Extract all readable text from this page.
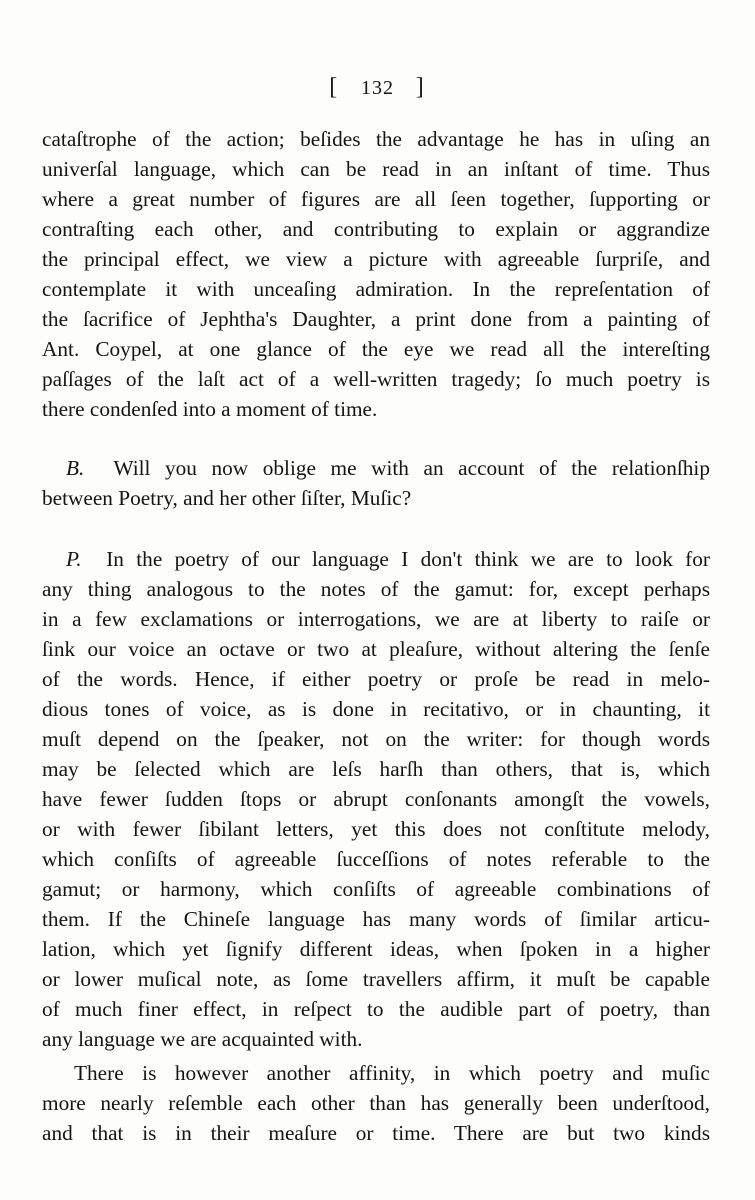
[ 132 ]
cataſtrophe of the action; beſides the advantage he has in uſing an
univerſal language, which can be read in an inſtant of time. Thus
where a great number of figures are all ſeen together, ſupporting or
contraſting each other, and contributing to explain or aggrandize
the principal effect, we view a picture with agreeable ſurpriſe, and
contemplate it with unceaſing admiration. In the repreſentation of
the ſacrifice of Jephtha's Daughter, a print done from a painting of
Ant. Coypel, at one glance of the eye we read all the intereſting
paſſages of the laſt act of a well-written tragedy; ſo much poetry is
there condenſed into a moment of time.
B. Will you now oblige me with an account of the relationſhip
between Poetry, and her other ſiſter, Muſic?
P. In the poetry of our language I don't think we are to look for
any thing analogous to the notes of the gamut: for, except perhaps
in a few exclamations or interrogations, we are at liberty to raiſe or
ſink our voice an octave or two at pleaſure, without altering the ſenſe
of the words. Hence, if either poetry or proſe be read in melo-
dious tones of voice, as is done in recitativo, or in chaunting, it
muſt depend on the ſpeaker, not on the writer: for though words
may be ſelected which are leſs harſh than others, that is, which
have fewer ſudden ſtops or abrupt conſonants amongſt the vowels,
or with fewer ſibilant letters, yet this does not conſtitute melody,
which conſiſts of agreeable ſucceſſions of notes referable to the
gamut; or harmony, which conſiſts of agreeable combinations of
them. If the Chineſe language has many words of ſimilar articu-
lation, which yet ſignify different ideas, when ſpoken in a higher
or lower muſical note, as ſome travellers affirm, it muſt be capable
of much finer effect, in reſpect to the audible part of poetry, than
any language we are acquainted with.
There is however another affinity, in which poetry and muſic
more nearly reſemble each other than has generally been underſtood,
and that is in their meaſure or time. There are but two kinds
